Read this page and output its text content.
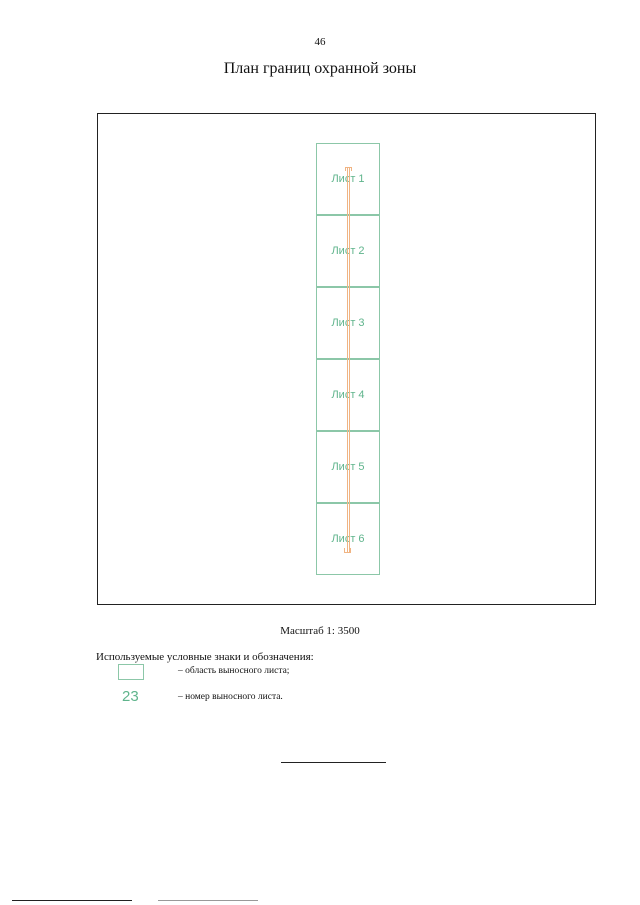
46
План границ охранной зоны
Лист 1
Лист 2
Лист 3
Лист 4
Лист 5
Лист 6
Масштаб 1: 3500
Используемые условные знаки и обозначения:
– область выносного листа;
23	– номер выносного листа.
